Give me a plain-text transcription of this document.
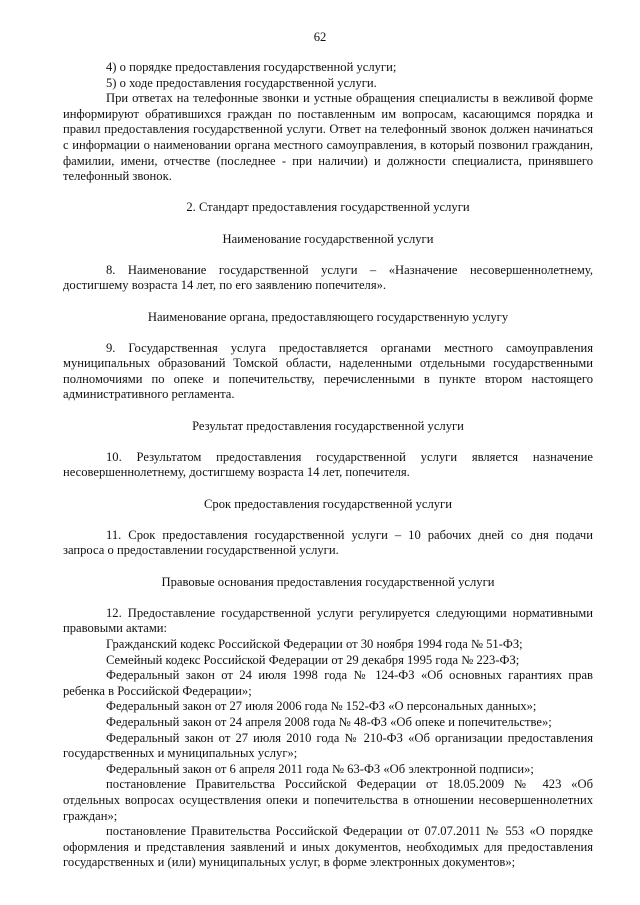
62
4) о порядке предоставления государственной услуги;
5) о ходе предоставления государственной услуги.
При ответах на телефонные звонки и устные обращения специалисты в вежливой форме информируют обратившихся граждан по поставленным им вопросам, касающимся порядка и правил предоставления государственной услуги. Ответ на телефонный звонок должен начинаться с информации о наименовании органа местного самоуправления, в который позвонил гражданин, фамилии, имени, отчестве (последнее - при наличии) и должности специалиста, принявшего телефонный звонок.
2. Стандарт предоставления государственной услуги
Наименование государственной услуги
8. Наименование государственной услуги – «Назначение несовершеннолетнему, достигшему возраста 14 лет, по его заявлению попечителя».
Наименование органа, предоставляющего государственную услугу
9. Государственная услуга предоставляется органами местного самоуправления муниципальных образований Томской области, наделенными отдельными государственными полномочиями по опеке и попечительству, перечисленными в пункте втором настоящего административного регламента.
Результат предоставления государственной услуги
10. Результатом предоставления государственной услуги является назначение несовершеннолетнему, достигшему возраста 14 лет, попечителя.
Срок предоставления государственной услуги
11. Срок предоставления государственной услуги – 10 рабочих дней со дня подачи запроса о предоставлении государственной услуги.
Правовые основания предоставления государственной услуги
12. Предоставление государственной услуги регулируется следующими нормативными правовыми актами:
Гражданский кодекс Российской Федерации от 30 ноября 1994 года № 51-ФЗ;
Семейный кодекс Российской Федерации от 29 декабря 1995 года № 223-ФЗ;
Федеральный закон от 24 июля 1998 года № 124-ФЗ «Об основных гарантиях прав ребенка в Российской Федерации»;
Федеральный закон от 27 июля 2006 года № 152-ФЗ «О персональных данных»;
Федеральный закон от 24 апреля 2008 года № 48-ФЗ «Об опеке и попечительстве»;
Федеральный закон от 27 июля 2010 года № 210-ФЗ «Об организации предоставления государственных и муниципальных услуг»;
Федеральный закон от 6 апреля 2011 года № 63-ФЗ «Об электронной подписи»;
постановление Правительства Российской Федерации от 18.05.2009 № 423 «Об отдельных вопросах осуществления опеки и попечительства в отношении несовершеннолетних граждан»;
постановление Правительства Российской Федерации от 07.07.2011 № 553 «О порядке оформления и представления заявлений и иных документов, необходимых для предоставления государственных и (или) муниципальных услуг, в форме электронных документов»;
